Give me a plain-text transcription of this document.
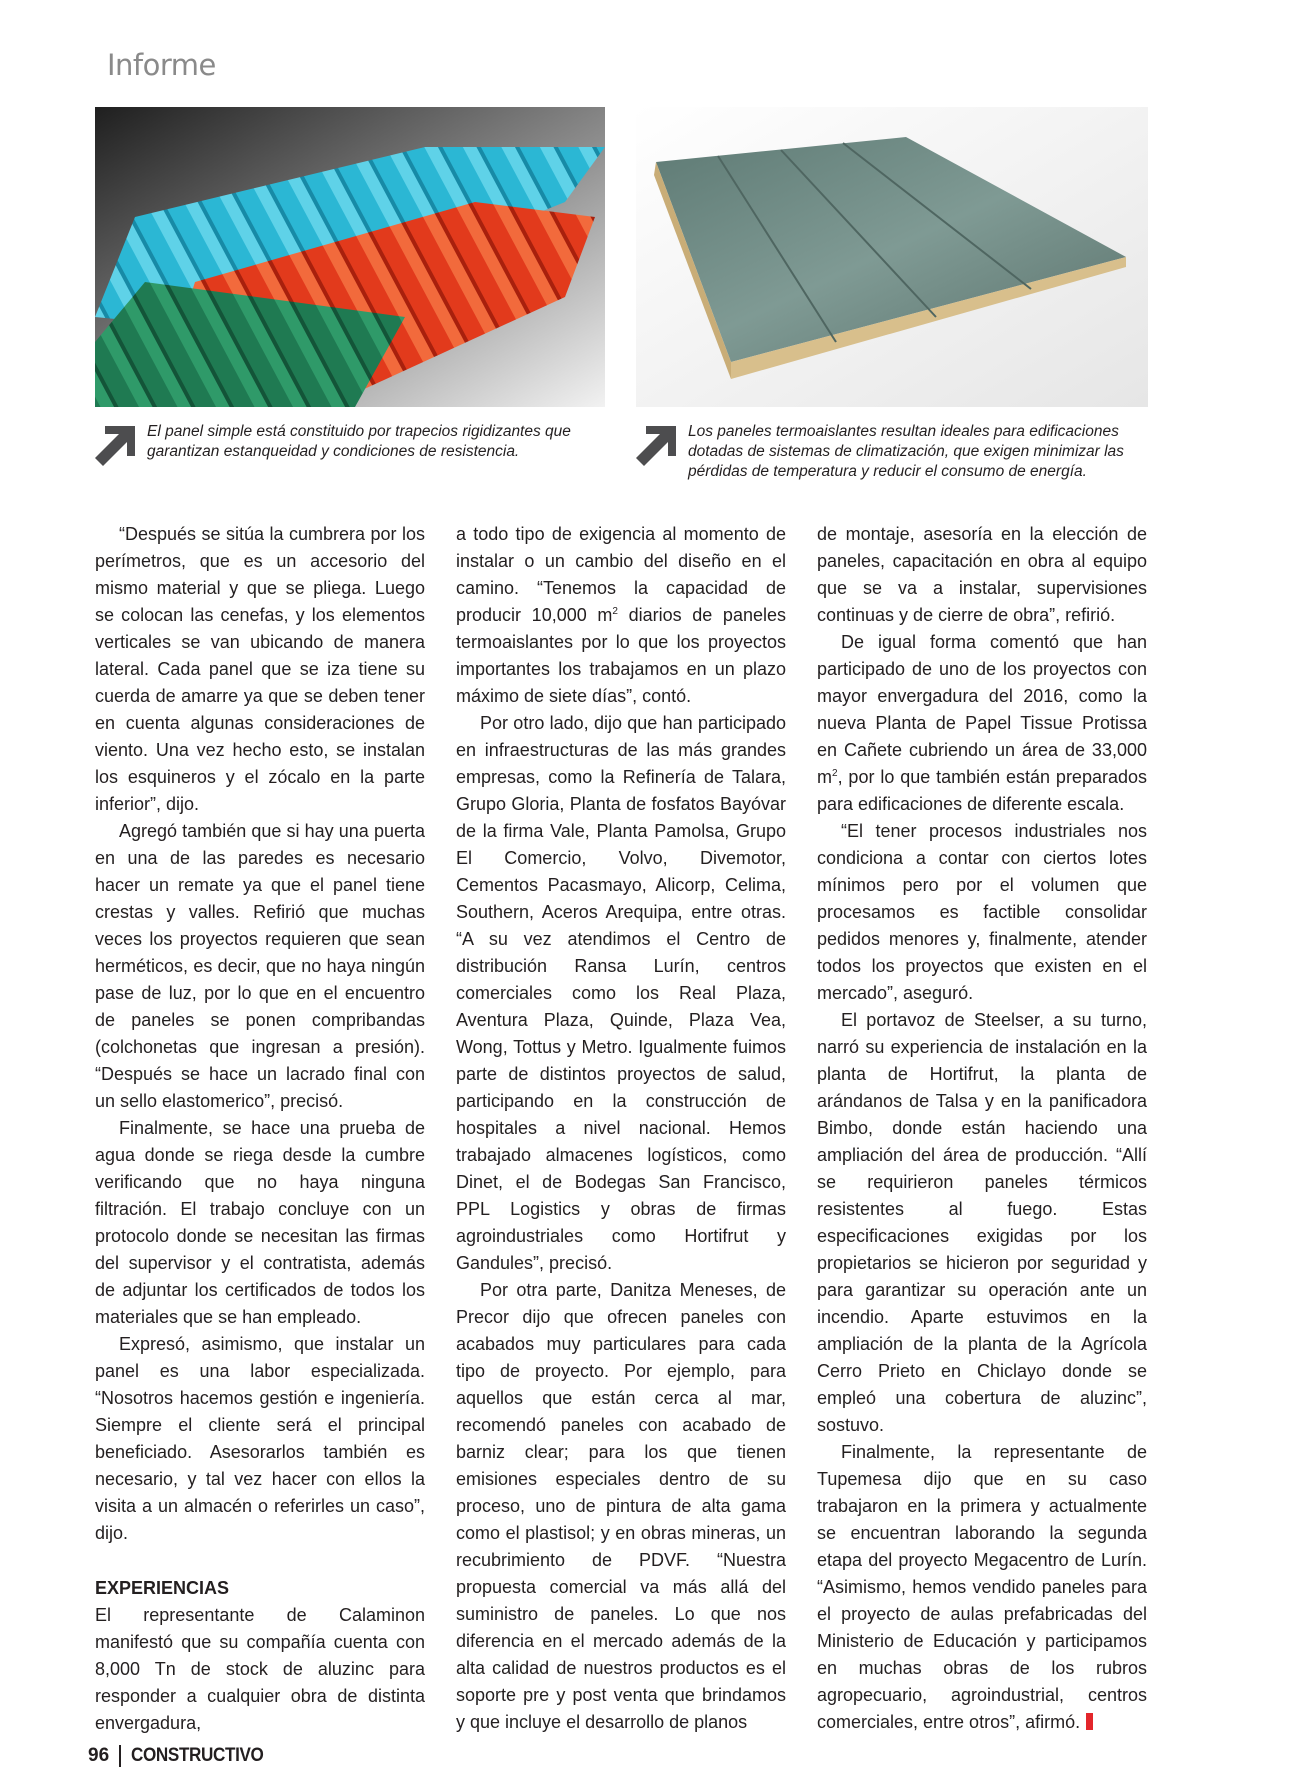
Informe
El panel simple está constituido por trapecios rigidizantes que garantizan estanqueidad y condiciones de resistencia.
Los paneles termoaislantes resultan ideales para edificaciones dotadas de sistemas de climatización, que exigen minimizar las pérdidas de temperatura y reducir el consumo de energía.

“Después se sitúa la cumbrera por los perímetros, que es un accesorio del mismo material y que se pliega. Luego se colocan las cenefas, y los elementos verticales se van ubicando de manera lateral. Cada panel que se iza tiene su cuerda de amarre ya que se deben tener en cuenta algunas consideraciones de viento. Una vez hecho esto, se instalan los esquineros y el zócalo en la parte inferior”, dijo.

Agregó también que si hay una puerta en una de las paredes es necesario hacer un remate ya que el panel tiene crestas y valles. Refirió que muchas veces los proyectos requieren que sean herméticos, es decir, que no haya ningún pase de luz, por lo que en el encuentro de paneles se ponen compribandas (colchonetas que ingresan a presión). “Después se hace un lacrado final con un sello elastomerico”, precisó.

Finalmente, se hace una prueba de agua donde se riega desde la cumbre verificando que no haya ninguna filtración. El trabajo concluye con un protocolo donde se necesitan las firmas del supervisor y el contratista, además de adjuntar los certificados de todos los materiales que se han empleado.

Expresó, asimismo, que instalar un panel es una labor especializada. “Nosotros hacemos gestión e ingeniería. Siempre el cliente será el principal beneficiado. Asesorarlos también es necesario, y tal vez hacer con ellos la visita a un almacén o referirles un caso”, dijo.

EXPERIENCIAS

El representante de Calaminon manifestó que su compañía cuenta con 8,000 Tn de stock de aluzinc para responder a cualquier obra de distinta envergadura,

a todo tipo de exigencia al momento de instalar o un cambio del diseño en el camino. “Tenemos la capacidad de producir 10,000 $m^2$ diarios de paneles termoaislantes por lo que los proyectos importantes los trabajamos en un plazo máximo de siete días”, contó.

Por otro lado, dijo que han participado en infraestructuras de las más grandes empresas, como la Refinería de Talara, Grupo Gloria, Planta de fosfatos Bayóvar de la firma Vale, Planta Pamolsa, Grupo El Comercio, Volvo, Divemotor, Cementos Pacasmayo, Alicorp, Celima, Southern, Aceros Arequipa, entre otras. “A su vez atendimos el Centro de distribución Ransa Lurín, centros comerciales como los Real Plaza, Aventura Plaza, Quinde, Plaza Vea, Wong, Tottus y Metro. Igualmente fuimos parte de distintos proyectos de salud, participando en la construcción de hospitales a nivel nacional. Hemos trabajado almacenes logísticos, como Dinet, el de Bodegas San Francisco, PPL Logistics y obras de firmas agroindustriales como Hortifrut y Gandules”, precisó.

Por otra parte, Danitza Meneses, de Precor dijo que ofrecen paneles con acabados muy particulares para cada tipo de proyecto. Por ejemplo, para aquellos que están cerca al mar, recomendó paneles con acabado de barniz clear; para los que tienen emisiones especiales dentro de su proceso, uno de pintura de alta gama como el plastisol; y en obras mineras, un recubrimiento de PDVF. “Nuestra propuesta comercial va más allá del suministro de paneles. Lo que nos diferencia en el mercado además de la alta calidad de nuestros productos es el soporte pre y post venta que brindamos y que incluye el desarrollo de planos

de montaje, asesoría en la elección de paneles, capacitación en obra al equipo que se va a instalar, supervisiones continuas y de cierre de obra”, refirió.

De igual forma comentó que han participado de uno de los proyectos con mayor envergadura del 2016, como la nueva Planta de Papel Tissue Protissa en Cañete cubriendo un área de 33,000 $m^2$, por lo que también están preparados para edificaciones de diferente escala.

“El tener procesos industriales nos condiciona a contar con ciertos lotes mínimos pero por el volumen que procesamos es factible consolidar pedidos menores y, finalmente, atender todos los proyectos que existen en el mercado”, aseguró.

El portavoz de Steelser, a su turno, narró su experiencia de instalación en la planta de Hortifrut, la planta de arándanos de Talsa y en la panificadora Bimbo, donde están haciendo una ampliación del área de producción. “Allí se requirieron paneles térmicos resistentes al fuego. Estas especificaciones exigidas por los propietarios se hicieron por seguridad y para garantizar su operación ante un incendio. Aparte estuvimos en la ampliación de la planta de la Agrícola Cerro Prieto en Chiclayo donde se empleó una cobertura de aluzinc”, sostuvo.

Finalmente, la representante de Tupemesa dijo que en su caso trabajaron en la primera y actualmente se encuentran laborando la segunda etapa del proyecto Megacentro de Lurín. “Asimismo, hemos vendido paneles para el proyecto de aulas prefabricadas del Ministerio de Educación y participamos en muchas obras de los rubros agropecuario, agroindustrial, centros comerciales, entre otros”, afirmó.

96 CONSTRUCTIVO
